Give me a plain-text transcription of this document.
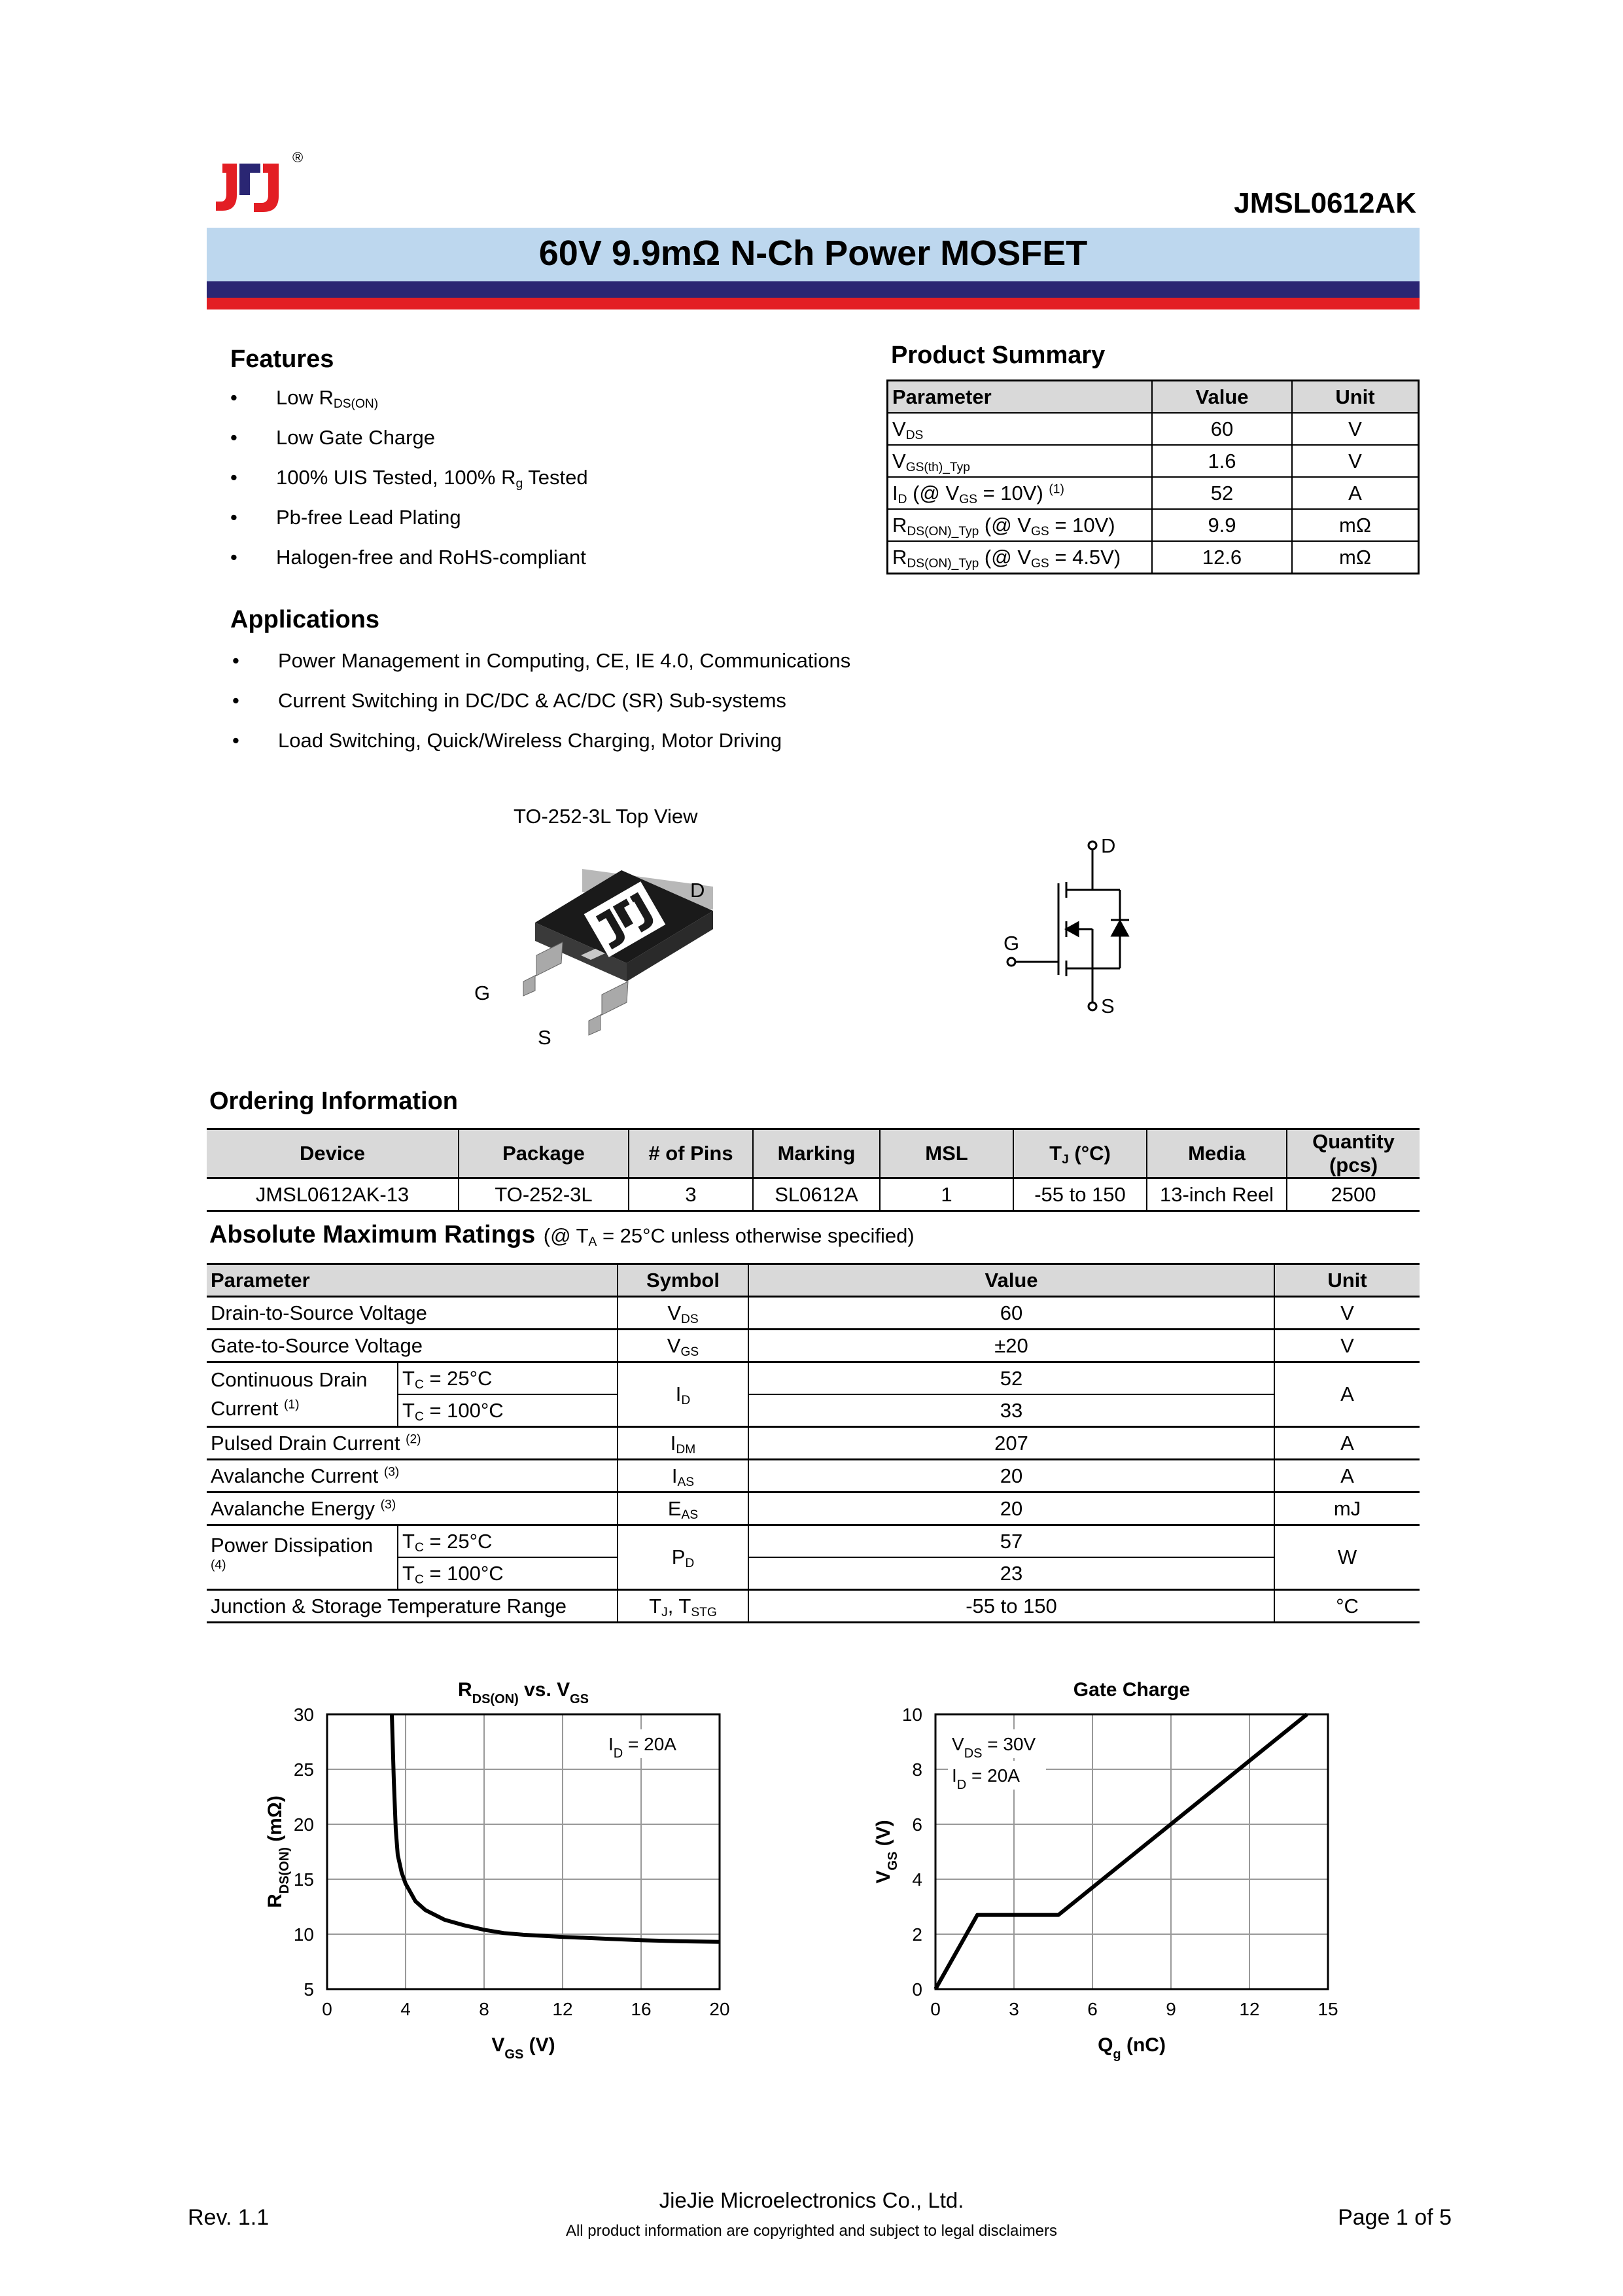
®
JMSL0612AK
60V 9.9mΩ N-Ch Power MOSFET
Features
• Low $R_{DS(ON)}$
• Low Gate Charge
• 100% UIS Tested, 100% $R_g$ Tested
• Pb-free Lead Plating
• Halogen-free and RoHS-compliant
Product Summary
Parameter	Value	Unit
$V_{DS}$	60	V
$V_{GS(th)\_Typ}$	1.6	V
$I_D$ (@ $V_{GS} = 10V$) $^{(1)}$	52	A
$R_{DS(ON)\_Typ}$ (@ $V_{GS} = 10V$)	9.9	mΩ
$R_{DS(ON)\_Typ}$ (@ $V_{GS} = 4.5V$)	12.6	mΩ
Applications
• Power Management in Computing, CE, IE 4.0, Communications
• Current Switching in DC/DC & AC/DC (SR) Sub-systems
• Load Switching, Quick/Wireless Charging, Motor Driving
TO-252-3L Top View
D
G
S
D
G
S
Ordering Information
Device	Package	# of Pins	Marking	MSL	$T_J$ (°C)	Media	Quantity (pcs)
JMSL0612AK-13	TO-252-3L	3	SL0612A	1	-55 to 150	13-inch Reel	2500
Absolute Maximum Ratings (@ $T_A = 25^\circ C$ unless otherwise specified)
Parameter		Symbol	Value	Unit
Drain-to-Source Voltage		$V_{DS}$	60	V
Gate-to-Source Voltage		$V_{GS}$	±20	V
Continuous Drain
Current $^{(1)}$	$T_C = 25^\circ C$	$I_D$	52	A
	$T_C = 100^\circ C$		33	
Pulsed Drain Current $^{(2)}$		$I_{DM}$	207	A
Avalanche Current $^{(3)}$		$I_{AS}$	20	A
Avalanche Energy $^{(3)}$		$E_{AS}$	20	mJ
Power Dissipation $^{(4)}$	$T_C = 25^\circ C$	$P_D$	57	W
	$T_C = 100^\circ C$		23	
Junction & Storage Temperature Range		$T_J$, $T_{STG}$	-55 to 150	°C
0	4	8	12	16	20
5
10
15
20
25
30
$R_{DS(ON)}$ vs. $V_{GS}$
$V_{GS}$ (V)
$R_{DS(ON)}$ (mΩ)
$I_D = 20A$
0	3	6	9	12	15
0
2
4
6
8
10
Gate Charge
$Q_g$ (nC)
$V_{GS}$ (V)
$V_{DS} = 30V$
$I_D = 20A$
Rev. 1.1
JieJie Microelectronics Co., Ltd.
All product information are copyrighted and subject to legal disclaimers
Page 1 of 5
